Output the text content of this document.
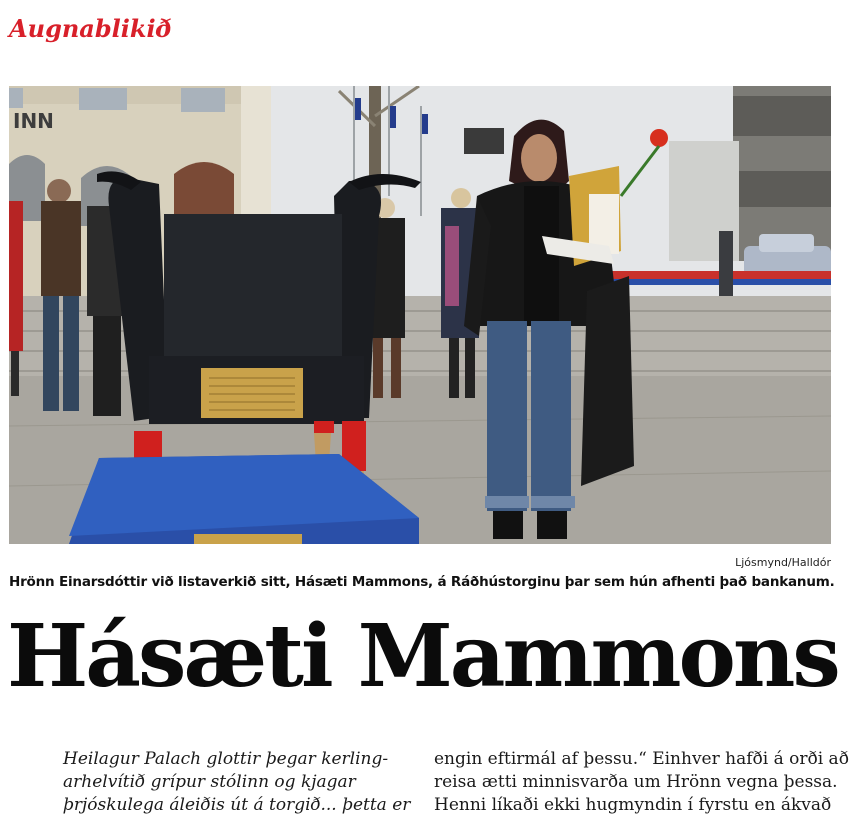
Augnablikið
INN
Ljósmynd/Halldór
Hrönn Einarsdóttir við listaverkið sitt, Hásæti Mammons, á Ráðhústorginu þar sem hún afhenti það bankanum.
Hásæti Mammons

Heilagur Palach glottir þegar kerling-

arhelvítið grípur stólinn og kjagar

þrjóskulega áleiðis út á torgið... þetta er

engin eftirmál af þessu.“ Einhver hafði á orði að

reisa ætti minnisvarða um Hrönn vegna þessa.

Henni líkaði ekki hugmyndin í fyrstu en ákvað
